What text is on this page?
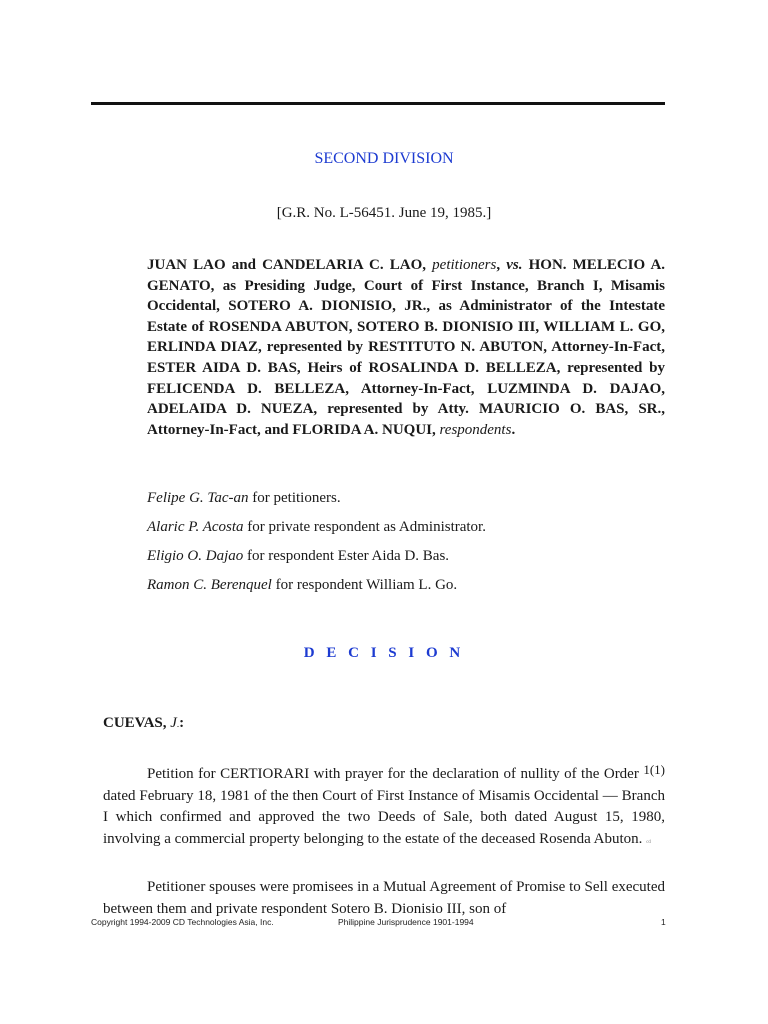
SECOND DIVISION
[G.R. No. L-56451. June 19, 1985.]
JUAN LAO and CANDELARIA C. LAO, petitioners, vs. HON. MELECIO A. GENATO, as Presiding Judge, Court of First Instance, Branch I, Misamis Occidental, SOTERO A. DIONISIO, JR., as Administrator of the Intestate Estate of ROSENDA ABUTON, SOTERO B. DIONISIO III, WILLIAM L. GO, ERLINDA DIAZ, represented by RESTITUTO N. ABUTON, Attorney-In-Fact, ESTER AIDA D. BAS, Heirs of ROSALINDA D. BELLEZA, represented by FELICENDA D. BELLEZA, Attorney-In-Fact, LUZMINDA D. DAJAO, ADELAIDA D. NUEZA, represented by Atty. MAURICIO O. BAS, SR., Attorney-In-Fact, and FLORIDA A. NUQUI, respondents.
Felipe G. Tac-an for petitioners.
Alaric P. Acosta for private respondent as Administrator.
Eligio O. Dajao for respondent Ester Aida D. Bas.
Ramon C. Berenquel for respondent William L. Go.
D E C I S I O N
CUEVAS, J.:
Petition for CERTIORARI with prayer for the declaration of nullity of the Order $^{1(1)}$ dated February 18, 1981 of the then Court of First Instance of Misamis Occidental — Branch I which confirmed and approved the two Deeds of Sale, both dated August 15, 1980, involving a commercial property belonging to the estate of the deceased Rosenda Abuton. cd
Petitioner spouses were promisees in a Mutual Agreement of Promise to Sell executed between them and private respondent Sotero B. Dionisio III, son of
Copyright 1994-2009 CD Technologies Asia, Inc.	Philippine Jurisprudence 1901-1994	1
